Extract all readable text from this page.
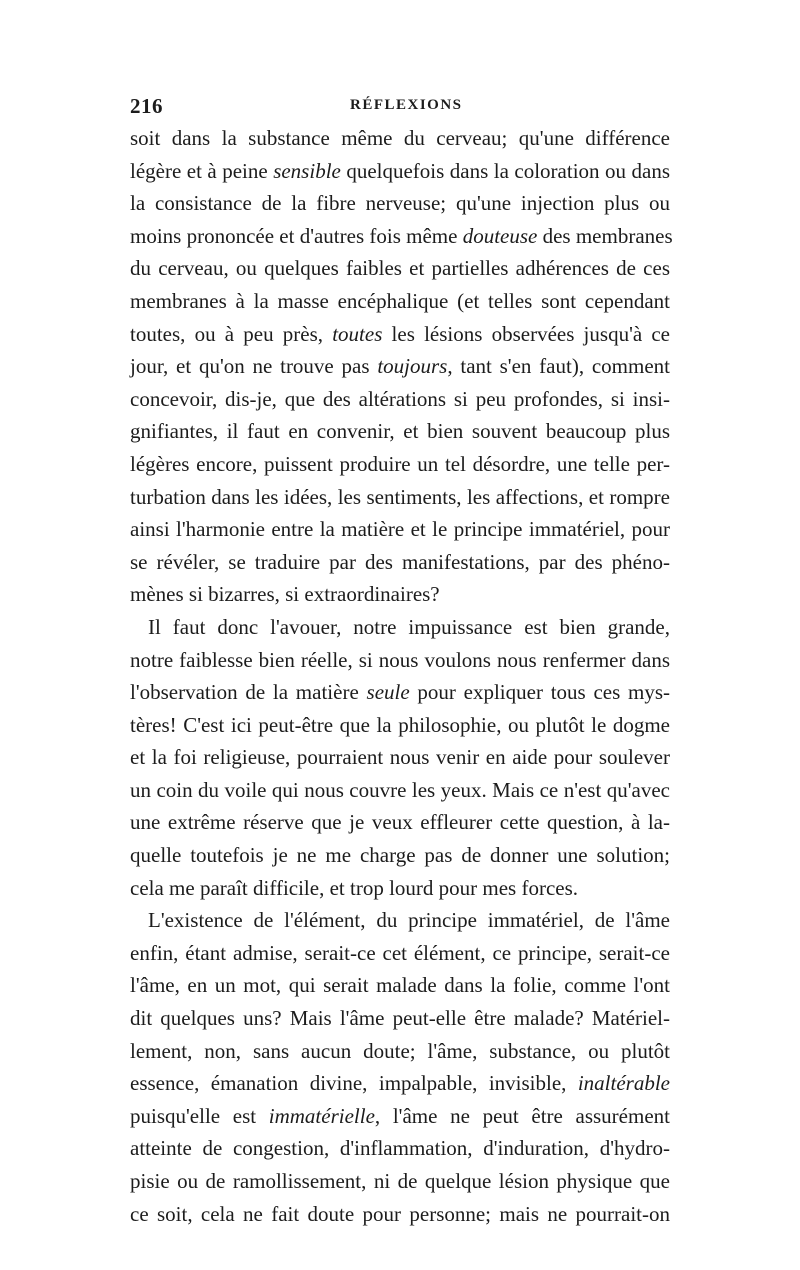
216	RÉFLEXIONS
soit dans la substance même du cerveau; qu'une différence
légère et à peine sensible quelquefois dans la coloration ou dans
la consistance de la fibre nerveuse; qu'une injection plus ou
moins prononcée et d'autres fois même douteuse des membranes
du cerveau, ou quelques faibles et partielles adhérences de ces
membranes à la masse encéphalique (et telles sont cependant
toutes, ou à peu près, toutes les lésions observées jusqu'à ce
jour, et qu'on ne trouve pas toujours, tant s'en faut), comment
concevoir, dis-je, que des altérations si peu profondes, si insi-
gnifiantes, il faut en convenir, et bien souvent beaucoup plus
légères encore, puissent produire un tel désordre, une telle per-
turbation dans les idées, les sentiments, les affections, et rompre
ainsi l'harmonie entre la matière et le principe immatériel, pour
se révéler, se traduire par des manifestations, par des phéno-
mènes si bizarres, si extraordinaires?
Il faut donc l'avouer, notre impuissance est bien grande,
notre faiblesse bien réelle, si nous voulons nous renfermer dans
l'observation de la matière seule pour expliquer tous ces mys-
tères! C'est ici peut-être que la philosophie, ou plutôt le dogme
et la foi religieuse, pourraient nous venir en aide pour soulever
un coin du voile qui nous couvre les yeux. Mais ce n'est qu'avec
une extrême réserve que je veux effleurer cette question, à la-
quelle toutefois je ne me charge pas de donner une solution;
cela me paraît difficile, et trop lourd pour mes forces.
L'existence de l'élément, du principe immatériel, de l'âme
enfin, étant admise, serait-ce cet élément, ce principe, serait-ce
l'âme, en un mot, qui serait malade dans la folie, comme l'ont
dit quelques uns? Mais l'âme peut-elle être malade? Matériel-
lement, non, sans aucun doute; l'âme, substance, ou plutôt
essence, émanation divine, impalpable, invisible, inaltérable
puisqu'elle est immatérielle, l'âme ne peut être assurément
atteinte de congestion, d'inflammation, d'induration, d'hydro-
pisie ou de ramollissement, ni de quelque lésion physique que
ce soit, cela ne fait doute pour personne; mais ne pourrait-on
